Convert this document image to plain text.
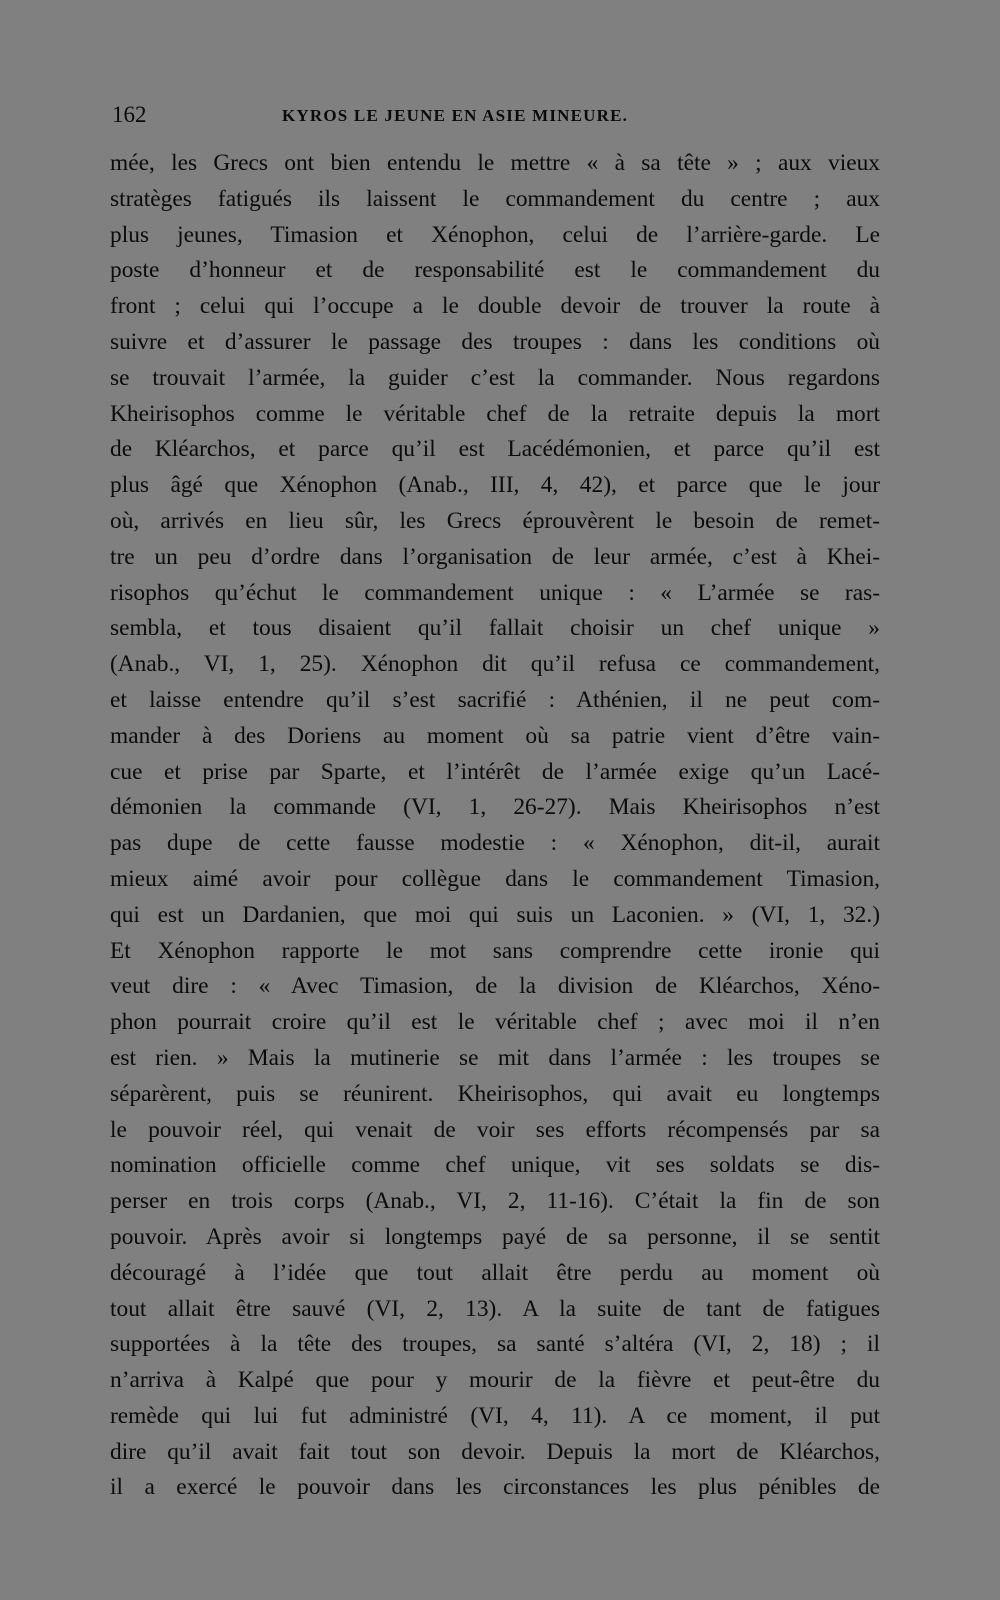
162	KYROS LE JEUNE EN ASIE MINEURE.
mée, les Grecs ont bien entendu le mettre « à sa tête » ; aux vieux
stratèges fatigués ils laissent le commandement du centre ; aux
plus jeunes, Timasion et Xénophon, celui de l’arrière-garde. Le
poste d’honneur et de responsabilité est le commandement du
front ; celui qui l’occupe a le double devoir de trouver la route à
suivre et d’assurer le passage des troupes : dans les conditions où
se trouvait l’armée, la guider c’est la commander. Nous regardons
Kheirisophos comme le véritable chef de la retraite depuis la mort
de Kléarchos, et parce qu’il est Lacédémonien, et parce qu’il est
plus âgé que Xénophon (Anab., III, 4, 42), et parce que le jour
où, arrivés en lieu sûr, les Grecs éprouvèrent le besoin de remet-
tre un peu d’ordre dans l’organisation de leur armée, c’est à Khei-
risophos qu’échut le commandement unique : « L’armée se ras-
sembla, et tous disaient qu’il fallait choisir un chef unique »
(Anab., VI, 1, 25). Xénophon dit qu’il refusa ce commandement,
et laisse entendre qu’il s’est sacrifié : Athénien, il ne peut com-
mander à des Doriens au moment où sa patrie vient d’être vain-
cue et prise par Sparte, et l’intérêt de l’armée exige qu’un Lacé-
démonien la commande (VI, 1, 26-27). Mais Kheirisophos n’est
pas dupe de cette fausse modestie : « Xénophon, dit-il, aurait
mieux aimé avoir pour collègue dans le commandement Timasion,
qui est un Dardanien, que moi qui suis un Laconien. » (VI, 1, 32.)
Et Xénophon rapporte le mot sans comprendre cette ironie qui
veut dire : « Avec Timasion, de la division de Kléarchos, Xéno-
phon pourrait croire qu’il est le véritable chef ; avec moi il n’en
est rien. » Mais la mutinerie se mit dans l’armée : les troupes se
séparèrent, puis se réunirent. Kheirisophos, qui avait eu longtemps
le pouvoir réel, qui venait de voir ses efforts récompensés par sa
nomination officielle comme chef unique, vit ses soldats se dis-
perser en trois corps (Anab., VI, 2, 11-16). C’était la fin de son
pouvoir. Après avoir si longtemps payé de sa personne, il se sentit
découragé à l’idée que tout allait être perdu au moment où
tout allait être sauvé (VI, 2, 13). A la suite de tant de fatigues
supportées à la tête des troupes, sa santé s’altéra (VI, 2, 18) ; il
n’arriva à Kalpé que pour y mourir de la fièvre et peut-être du
remède qui lui fut administré (VI, 4, 11). A ce moment, il put
dire qu’il avait fait tout son devoir. Depuis la mort de Kléarchos,
il a exercé le pouvoir dans les circonstances les plus pénibles de
